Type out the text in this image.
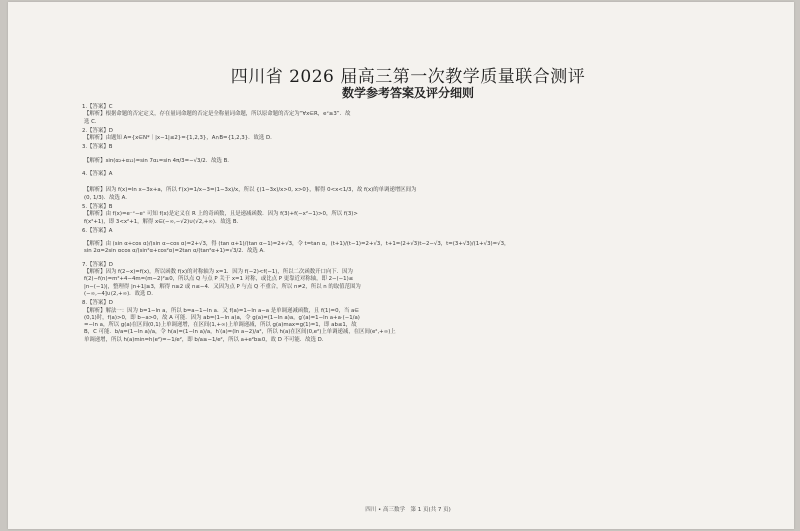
四川省 2026 届高三第一次教学质量联合测评
数学参考答案及评分细则
1.【答案】C

【解析】根据命题的否定定义，存在量词命题的否定是全称量词命题，所以原命题的否定为“∀x∈R，eˣ≥3”．故

选 C.

2.【答案】D

【解析】由题知 A={x∈N*｜|x−1|≤2}={1,2,3}，A∩B={1,2,3}．故选 D.

3.【答案】B

【解析】sin(α₂+α₁₂)=sin 7α₁=sin 4π/3=−√3/2．故选 B.

4.【答案】A

【解析】因为 f(x)=ln x−3x+a，所以 f′(x)=1/x−3=(1−3x)/x，所以 {(1−3x)/x>0, x>0}，解得 0<x<1/3，故 f(x)的单调递增区间为

(0, 1/3)．故选 A.

5.【答案】B

【解析】由 f(x)=e⁻ˣ−eˣ 可知 f(x)是定义在 R 上的奇函数，且是递减函数．因为 f(3)+f(−x²−1)>0，所以 f(3)>

f(x²+1)，即 3<x²+1，解得 x∈(−∞,−√2)∪(√2,+∞)．故选 B.

6.【答案】A

【解析】由 (sin α+cos α)/(sin α−cos α)=2+√3，得 (tan α+1)/(tan α−1)=2+√3，令 t=tan α，(t+1)/(t−1)=2+√3，t+1=(2+√3)t−2−√3，t=(3+√3)/(1+√3)=√3，

sin 2α=2sin αcos α/(sin²α+cos²α)=2tan α/(tan²α+1)=√3/2．故选 A.

7.【答案】D

【解析】因为 f(2−x)=f(x)，所以函数 f(x)的对称轴为 x=1．因为 f(−2)<f(−1)，所以二次函数开口向下．因为

f(2)−f(n)=m²+4−4m=(m−2)²≥0，所以点 Q 与点 P 关于 x=1 对称，或比点 P 更靠近对称轴，即 2−(−1)≤

|n−(−1)|，整理得 |n+1|≥3，解得 n≥2 或 n≤−4．又因为点 P 与点 Q 不重合，所以 n≠2，所以 n 的取值范围为

(−∞,−4]∪(2,+∞)．故选 D.

8.【答案】D

【解析】解法一：因为 b=1−ln a，所以 b=a−1−ln a．又 f(a)=1−ln a−a 是单调递减函数，且 f(1)=0，当 a∈

(0,1)时，f(a)>0，即 b−a>0，故 A 可能．因为 ab=(1−ln a)a，令 g(a)=(1−ln a)a，g′(a)=1−ln a+a·(−1/a)

=−ln a，所以 g(a)在区间(0,1)上单调递增，在区间(1,+∞)上单调递减，所以 g(a)max=g(1)=1，即 ab≤1，故

B，C 可能．b/a=(1−ln a)/a，令 h(a)=(1−ln a)/a，h′(a)=(ln a−2)/a²，所以 h(a)在区间(0,e²)上单调递减，在区间(e²,+∞)上

单调递增，所以 h(a)min=h(e²)=−1/e²，即 b/a≥−1/e²，所以 a+e²b≥0，故 D 不可能．故选 D.

四川 • 高三数学　第 1 页(共 7 页)
